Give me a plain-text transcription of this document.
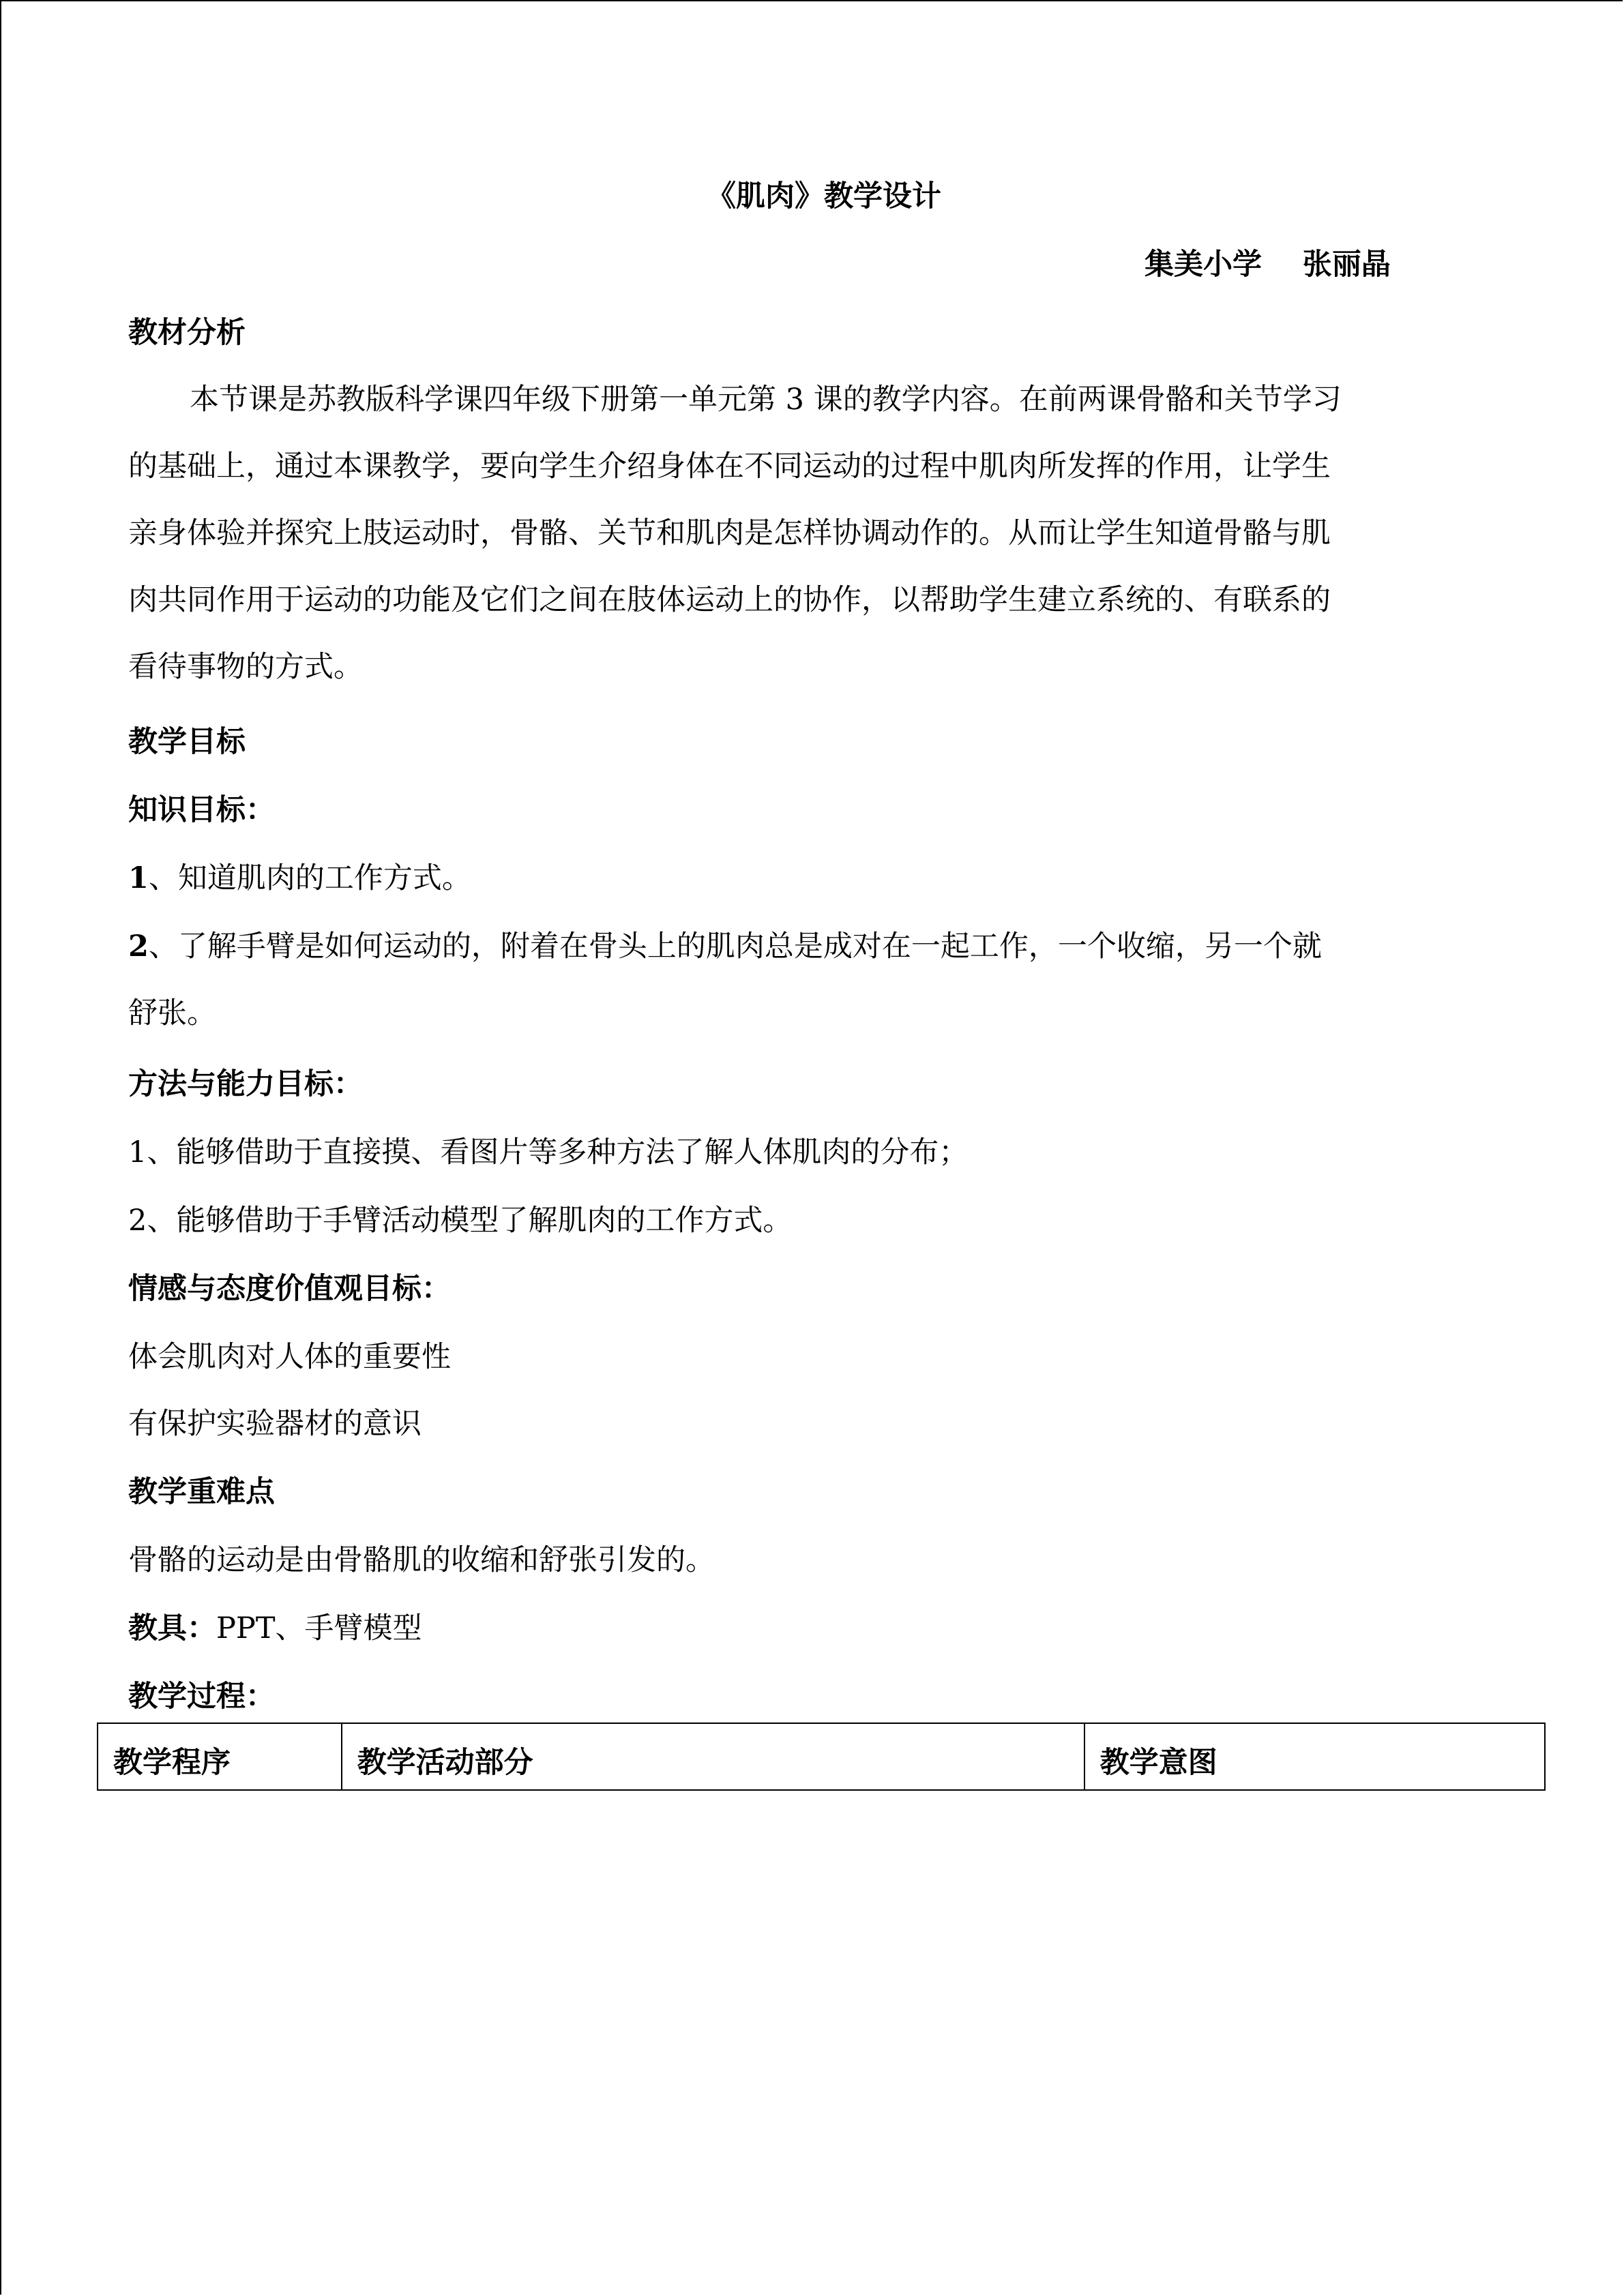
《肌肉》教学设计
集美小学    张丽晶
教材分析
本节课是苏教版科学课四年级下册第一单元第 3 课的教学内容。在前两课骨骼和关节学习
的基础上，通过本课教学，要向学生介绍身体在不同运动的过程中肌肉所发挥的作用，让学生
亲身体验并探究上肢运动时，骨骼、关节和肌肉是怎样协调动作的。从而让学生知道骨骼与肌
肉共同作用于运动的功能及它们之间在肢体运动上的协作，以帮助学生建立系统的、有联系的
看待事物的方式。
教学目标
知识目标：
1、知道肌肉的工作方式。
2、了解手臂是如何运动的，附着在骨头上的肌肉总是成对在一起工作，一个收缩，另一个就
舒张。
方法与能力目标：
1、能够借助于直接摸、看图片等多种方法了解人体肌肉的分布；
2、能够借助于手臂活动模型了解肌肉的工作方式。
情感与态度价值观目标：
体会肌肉对人体的重要性
有保护实验器材的意识
教学重难点
骨骼的运动是由骨骼肌的收缩和舒张引发的。
教具：PPT、手臂模型
教学过程：
教学程序	教学活动部分	教学意图
